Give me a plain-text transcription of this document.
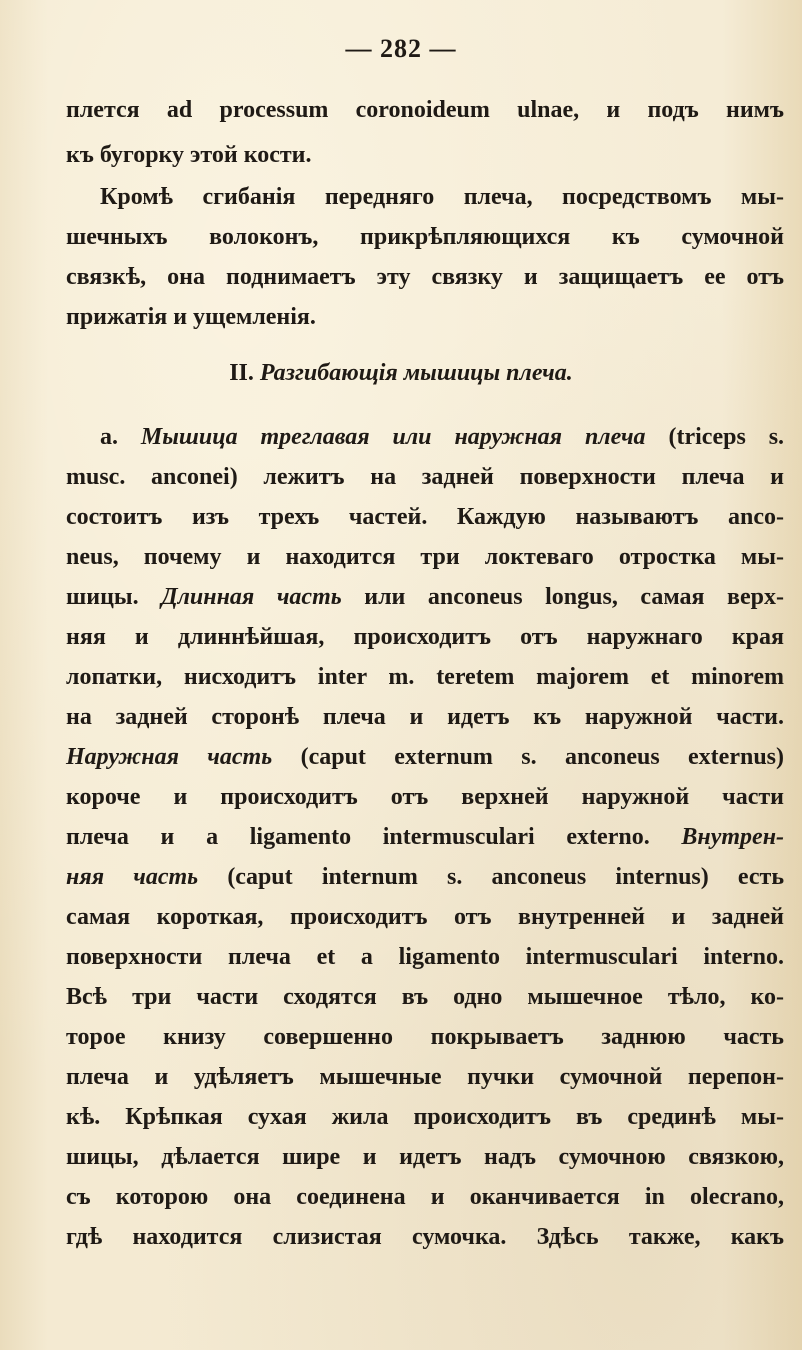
— 282 —
плется ad processum coronoideum ulnae, и подъ нимъ
къ бугорку этой кости.
Кромѣ сгибанія передняго плеча, посредствомъ мы-
шечныхъ волоконъ, прикрѣпляющихся къ сумочной
связкѣ, она поднимаетъ эту связку и защищаетъ ее отъ
прижатія и ущемленія.
II. Разгибающія мышицы плеча.
a. Мышица треглавая или наружная плеча (triceps s.
musc. anconei) лежитъ на задней поверхности плеча и
состоитъ изъ трехъ частей. Каждую называютъ anco-
neus, почему и находится три локтеваго отростка мы-
шицы. Длинная часть или anconeus longus, самая верх-
няя и длиннѣйшая, происходитъ отъ наружнаго края
лопатки, нисходитъ inter m. teretem majorem et minorem
на задней сторонѣ плеча и идетъ къ наружной части.
Наружная часть (caput externum s. anconeus externus)
короче и происходитъ отъ верхней наружной части
плеча и a ligamento intermusculari externo. Внутрен-
няя часть (caput internum s. anconeus internus) есть
самая короткая, происходитъ отъ внутренней и задней
поверхности плеча et a ligamento intermusculari interno.
Всѣ три части сходятся въ одно мышечное тѣло, ко-
торое книзу совершенно покрываетъ заднюю часть
плеча и удѣляетъ мышечные пучки сумочной перепон-
кѣ. Крѣпкая сухая жила происходитъ въ срединѣ мы-
шицы, дѣлается шире и идетъ надъ сумочною связкою,
съ которою она соединена и оканчивается in olecrano,
гдѣ находится слизистая сумочка. Здѣсь также, какъ
